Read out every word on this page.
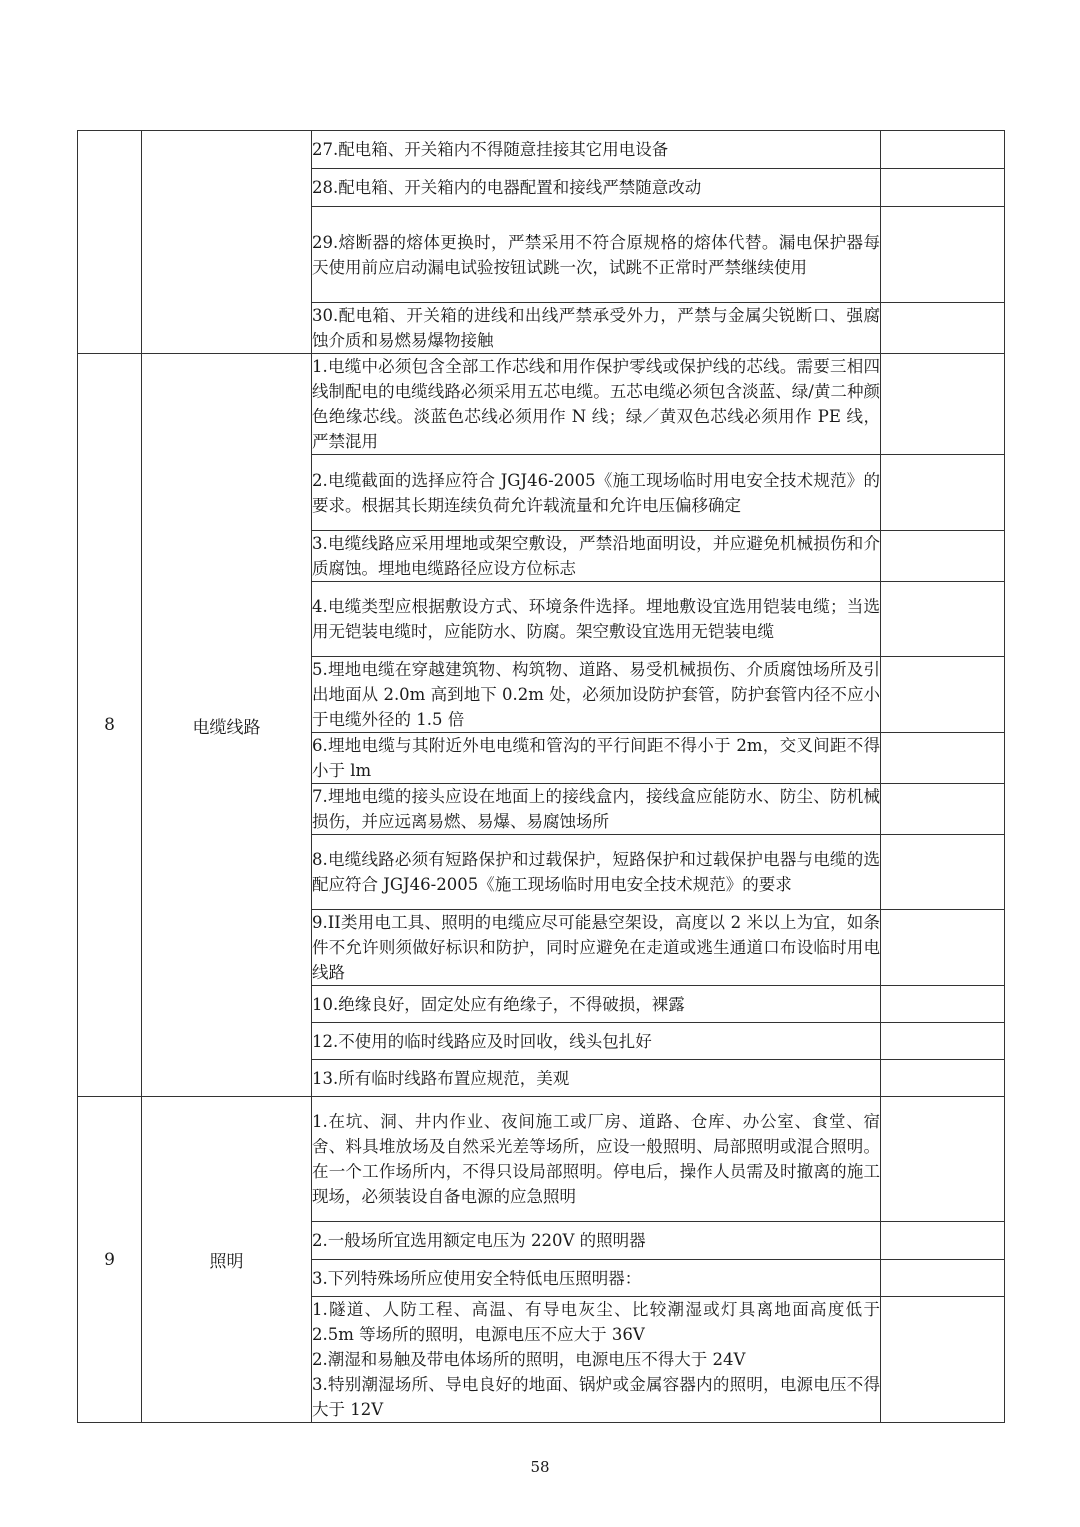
		27.配电箱、开关箱内不得随意挂接其它用电设备	
		28.配电箱、开关箱内的电器配置和接线严禁随意改动	
		29.熔断器的熔体更换时，严禁采用不符合原规格的熔体代替。漏电保护器每天使用前应启动漏电试验按钮试跳一次，试跳不正常时严禁继续使用	
		30.配电箱、开关箱的进线和出线严禁承受外力，严禁与金属尖锐断口、强腐蚀介质和易燃易爆物接触	
8	电缆线路	1.电缆中必须包含全部工作芯线和用作保护零线或保护线的芯线。需要三相四线制配电的电缆线路必须采用五芯电缆。五芯电缆必须包含淡蓝、绿/黄二种颜色绝缘芯线。淡蓝色芯线必须用作 N 线；绿／黄双色芯线必须用作 PE 线，严禁混用	
		2.电缆截面的选择应符合 JGJ46-2005《施工现场临时用电安全技术规范》的要求。根据其长期连续负荷允许载流量和允许电压偏移确定	
		3.电缆线路应采用埋地或架空敷设，严禁沿地面明设，并应避免机械损伤和介质腐蚀。埋地电缆路径应设方位标志	
		4.电缆类型应根据敷设方式、环境条件选择。埋地敷设宜选用铠装电缆；当选用无铠装电缆时，应能防水、防腐。架空敷设宜选用无铠装电缆	
		5.埋地电缆在穿越建筑物、构筑物、道路、易受机械损伤、介质腐蚀场所及引出地面从 2.0m 高到地下 0.2m 处，必须加设防护套管，防护套管内径不应小于电缆外径的 1.5 倍	
		6.埋地电缆与其附近外电电缆和管沟的平行间距不得小于 2m，交叉间距不得小于 lm	
		7.埋地电缆的接头应设在地面上的接线盒内，接线盒应能防水、防尘、防机械损伤，并应远离易燃、易爆、易腐蚀场所	
		8.电缆线路必须有短路保护和过载保护，短路保护和过载保护电器与电缆的选配应符合 JGJ46-2005《施工现场临时用电安全技术规范》的要求	
		9.II类用电工具、照明的电缆应尽可能悬空架设，高度以 2 米以上为宜，如条件不允许则须做好标识和防护，同时应避免在走道或逃生通道口布设临时用电线路	
		10.绝缘良好，固定处应有绝缘子，不得破损，裸露	
		12.不使用的临时线路应及时回收，线头包扎好	
		13.所有临时线路布置应规范，美观	
9	照明	1.在坑、洞、井内作业、夜间施工或厂房、道路、仓库、办公室、食堂、宿舍、料具堆放场及自然采光差等场所，应设一般照明、局部照明或混合照明。在一个工作场所内，不得只设局部照明。停电后，操作人员需及时撤离的施工现场，必须装设自备电源的应急照明	
		2.一般场所宜选用额定电压为 220V 的照明器	
		3.下列特殊场所应使用安全特低电压照明器：	
		1.隧道、人防工程、高温、有导电灰尘、比较潮湿或灯具离地面高度低于 2.5m 等场所的照明，电源电压不应大于 36V
2.潮湿和易触及带电体场所的照明，电源电压不得大于 24V
3.特别潮湿场所、导电良好的地面、锅炉或金属容器内的照明，电源电压不得大于 12V	
58
